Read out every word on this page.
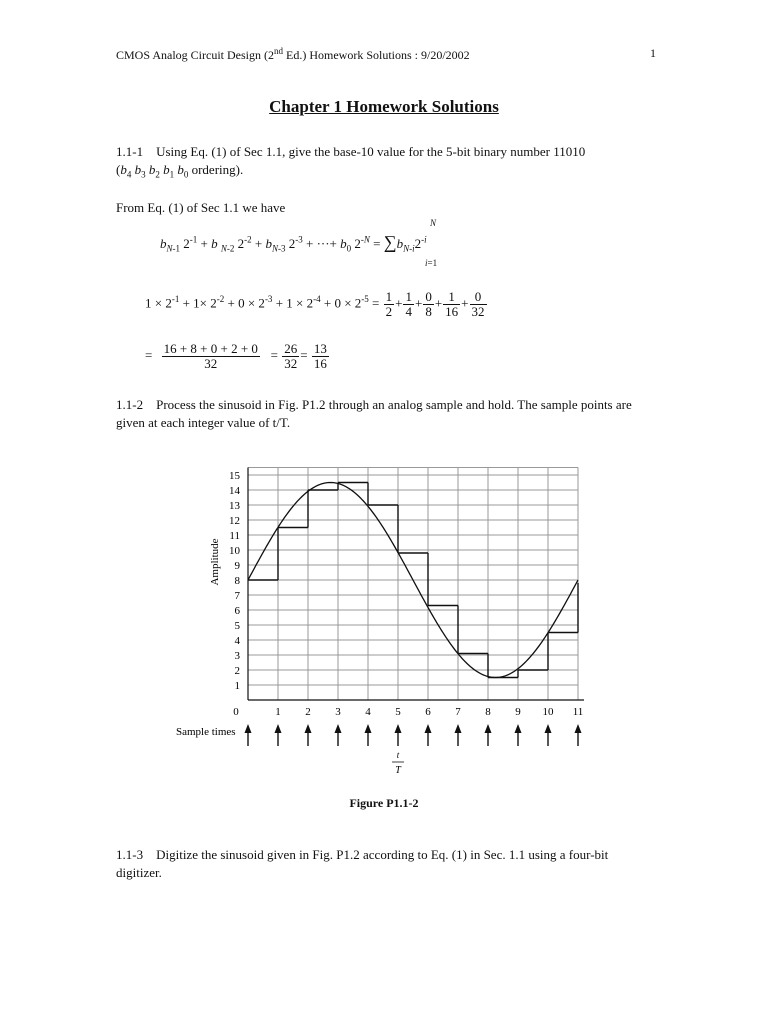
CMOS Analog Circuit Design (2nd Ed.) Homework Solutions : 9/20/2002	1
Chapter 1 Homework Solutions
1.1-1 Using Eq. (1) of Sec 1.1, give the base-10 value for the 5-bit binary number 11010
($b_4$ $b_3$ $b_2$ $b_1$ $b_0$ ordering).
From Eq. (1) of Sec 1.1 we have
$b_{N-1}$ $2^{-1} + b$ $_{N-2}$ $2^{-2} + b_{N-3}$ $2^{-3}$ + ···+ $b_0$ $2^{-N} = \sum b_{N-i}2^{-i}$
N
i=1
$1 \times 2^{-1} + 1\times 2^{-2} + 0 \times 2^{-3} + 1 \times 2^{-4} + 0 \times 2^{-5} = \frac{1}{2} + \frac{1}{4} + \frac{0}{8} + \frac{1}{16} + \frac{0}{32}$
= $\frac{16 + 8 + 0 + 2 + 0}{32} = \frac{26}{32} = \frac{13}{16}$
1.1-2 Process the sinusoid in Fig. P1.2 through an analog sample and hold. The sample points are given at each integer value of t/T.
1
2
3
4
5
6
7
8
9
10
11
12
13
14
15
0	1 2 3 4 5 6 7 8 9 10 11
Amplitude
Sample times
t
T
Figure P1.1-2
1.1-3 Digitize the sinusoid given in Fig. P1.2 according to Eq. (1) in Sec. 1.1 using a four-bit digitizer.
